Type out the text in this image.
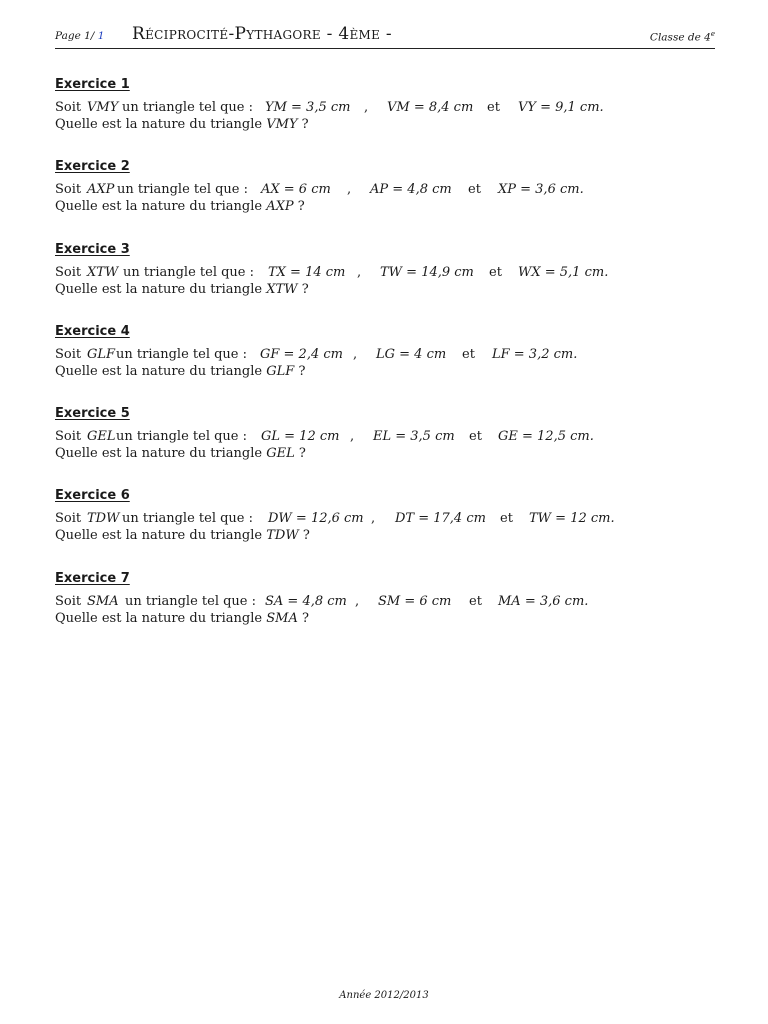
Page 1/ 1 Réciprocité-Pythagore - 4ème -	Classe de 4e
Exercice 1
Soit VMY un triangle tel que : YM = 3,5 cm , VM = 8,4 cm et VY = 9,1 cm.
Quelle est la nature du triangle VMY ?
Exercice 2
Soit AXP un triangle tel que : AX = 6 cm , AP = 4,8 cm et XP = 3,6 cm.
Quelle est la nature du triangle AXP ?
Exercice 3
Soit XTW un triangle tel que : TX = 14 cm , TW = 14,9 cm et WX = 5,1 cm.
Quelle est la nature du triangle XTW ?
Exercice 4
Soit GLF un triangle tel que : GF = 2,4 cm , LG = 4 cm et LF = 3,2 cm.
Quelle est la nature du triangle GLF ?
Exercice 5
Soit GEL un triangle tel que : GL = 12 cm , EL = 3,5 cm et GE = 12,5 cm.
Quelle est la nature du triangle GEL ?
Exercice 6
Soit TDW un triangle tel que : DW = 12,6 cm , DT = 17,4 cm et TW = 12 cm.
Quelle est la nature du triangle TDW ?
Exercice 7
Soit SMA un triangle tel que : SA = 4,8 cm , SM = 6 cm et MA = 3,6 cm.
Quelle est la nature du triangle SMA ?
Année 2012/2013
